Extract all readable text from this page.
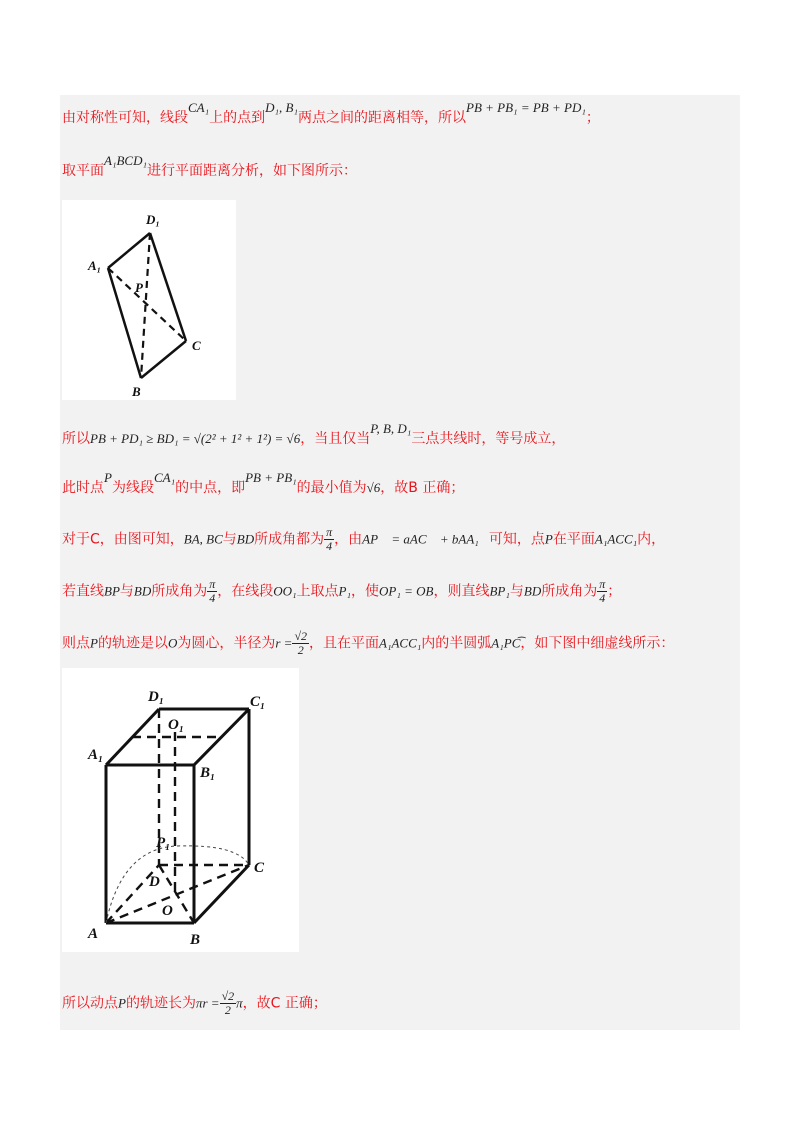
由对称性可知，线段CA₁上的点到D₁, B₁两点之间的距离相等，所以PB + PB₁ = PB + PD₁；
取平面A₁BCD₁进行平面距离分析，如下图所示：
D₁
A₁
P
C
B
所以PB + PD₁ ≥ BD₁ = √(2² + 1² + 1²) = √6，当且仅当P, B, D₁三点共线时，等号成立，
此时点P为线段CA₁的中点，即PB + PB₁的最小值为√6，故B 正确；
对于C，由图可知，BA, BC与BD所成角都为 $\frac{\pi}{4}$ ，由AP⃗ = aAC⃗ + bAA₁⃗可知，点P在平面A₁ACC₁内，
若直线BP与BD所成角为 $\frac{\pi}{4}$ ，在线段OO₁上取点P₁，使OP₁ = OB，则直线BP₁与BD所成角为 $\frac{\pi}{4}$ ；
则点P的轨迹是以O为圆心，半径为$r = \frac{√2}{2}$ ，且在平面A₁ACC₁内的半圆弧A₁PC͡，如下图中细虚线所示：
D₁	C₁
O₁
A₁
B₁
P₁
C
D
O
A	B
所以动点P的轨迹长为$\pi r = \frac{√2}{2}$ π，故C 正确；
